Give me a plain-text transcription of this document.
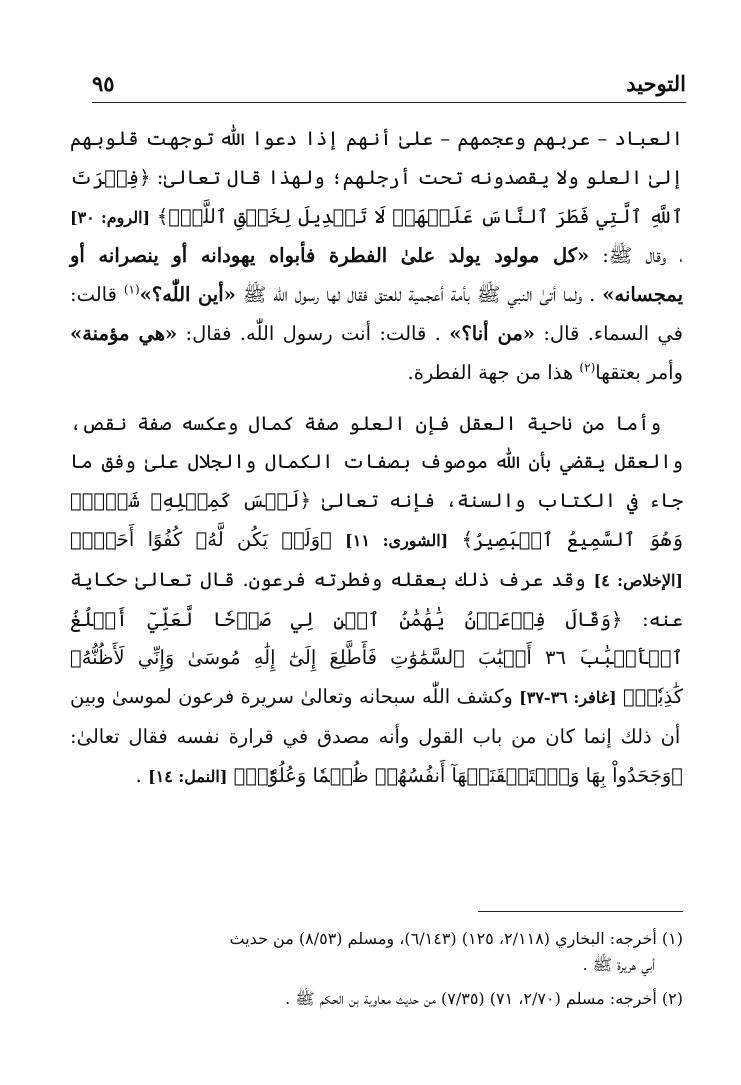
التوحيد
٩٥

العباد – عربهم وعجمهم – علىٰ أنهم إذا دعوا اللّٰه توجهت قلوبهم إلىٰ العلو ولا يقصدونه تحت أرجلهم؛ ولهذا قال تعالىٰ: ﴿فِطۡرَتَ ٱللَّهِ ٱلَّتِي فَطَرَ ٱلنَّاسَ عَلَيۡهَاۚ لَا تَبۡدِيلَ لِخَلۡقِ ٱللَّهِۚ﴾ [الروم: ٣٠] ، وقال ﷺ: «كل مولود يولد علىٰ الفطرة فأبواه يهودانه أو ينصرانه أو يمجسانه» . ولما أتىٰ النبي ﷺ بأمة أعجمية للعتق فقال لها رسول اللّٰه ﷺ «أين اللّٰه؟»$^{(١)}$ قالت: في السماء. قال: «من أنا؟» . قالت: أنت رسول اللّٰه. فقال: «هي مؤمنة» وأمر بعتقها$^{(٢)}$ هذا من جهة الفطرة.

وأما من ناحية العقل فإن العلو صفة كمال وعكسه صفة نقص، والعقل يقضي بأن اللّٰه موصوف بصفات الكمال والجلال علىٰ وفق ما جاء في الكتاب والسنة، فإنه تعالىٰ ﴿لَيۡسَ كَمِثۡلِهِۦ شَيۡءٞۖ وَهُوَ ٱلسَّمِيعُ ٱلۡبَصِيرُ﴾ [الشورى: ١١] ﴿وَلَمۡ يَكُن لَّهُۥ كُفُوًا أَحَدُۢ﴾ [الإخلاص: ٤] وقد عرف ذلك بعقله وفطرته فرعون. قال تعالىٰ حكاية عنه: ﴿وَقَالَ فِرۡعَوۡنُ يَٰهَٰمَٰنُ ٱبۡنِ لِي صَرۡحٗا لَّعَلِّيٓ أَبۡلُغُ ٱلۡأَسۡبَٰبَ ٣٦ أَسۡبَٰبَ ٱلسَّمَٰوَٰتِ فَأَطَّلِعَ إِلَىٰٓ إِلَٰهِ مُوسَىٰ وَإِنِّي لَأَظُنُّهُۥ كَٰذِبٗاۚ﴾ [غافر: ٣٦-٣٧] وكشف اللّٰه سبحانه وتعالىٰ سريرة فرعون لموسىٰ وبين أن ذلك إنما كان من باب القول وأنه مصدق في قرارة نفسه فقال تعالىٰ: ﴿وَجَحَدُواْ بِهَا وَٱسۡتَيۡقَنَتۡهَآ أَنفُسُهُمۡ ظُلۡمٗا وَعُلُوّٗاۚ﴾ [النمل: ١٤] .

(١) أخرجه: البخاري (٢/١١٨، ١٢٥) (٦/١٤٣)، ومسلم (٨/٥٣) من حديث
أبي هريرة ﷺ .

(٢) أخرجه: مسلم (٢/٧٠، ٧١) (٧/٣٥) من حديث معاوية بن الحكم ﷺ .
